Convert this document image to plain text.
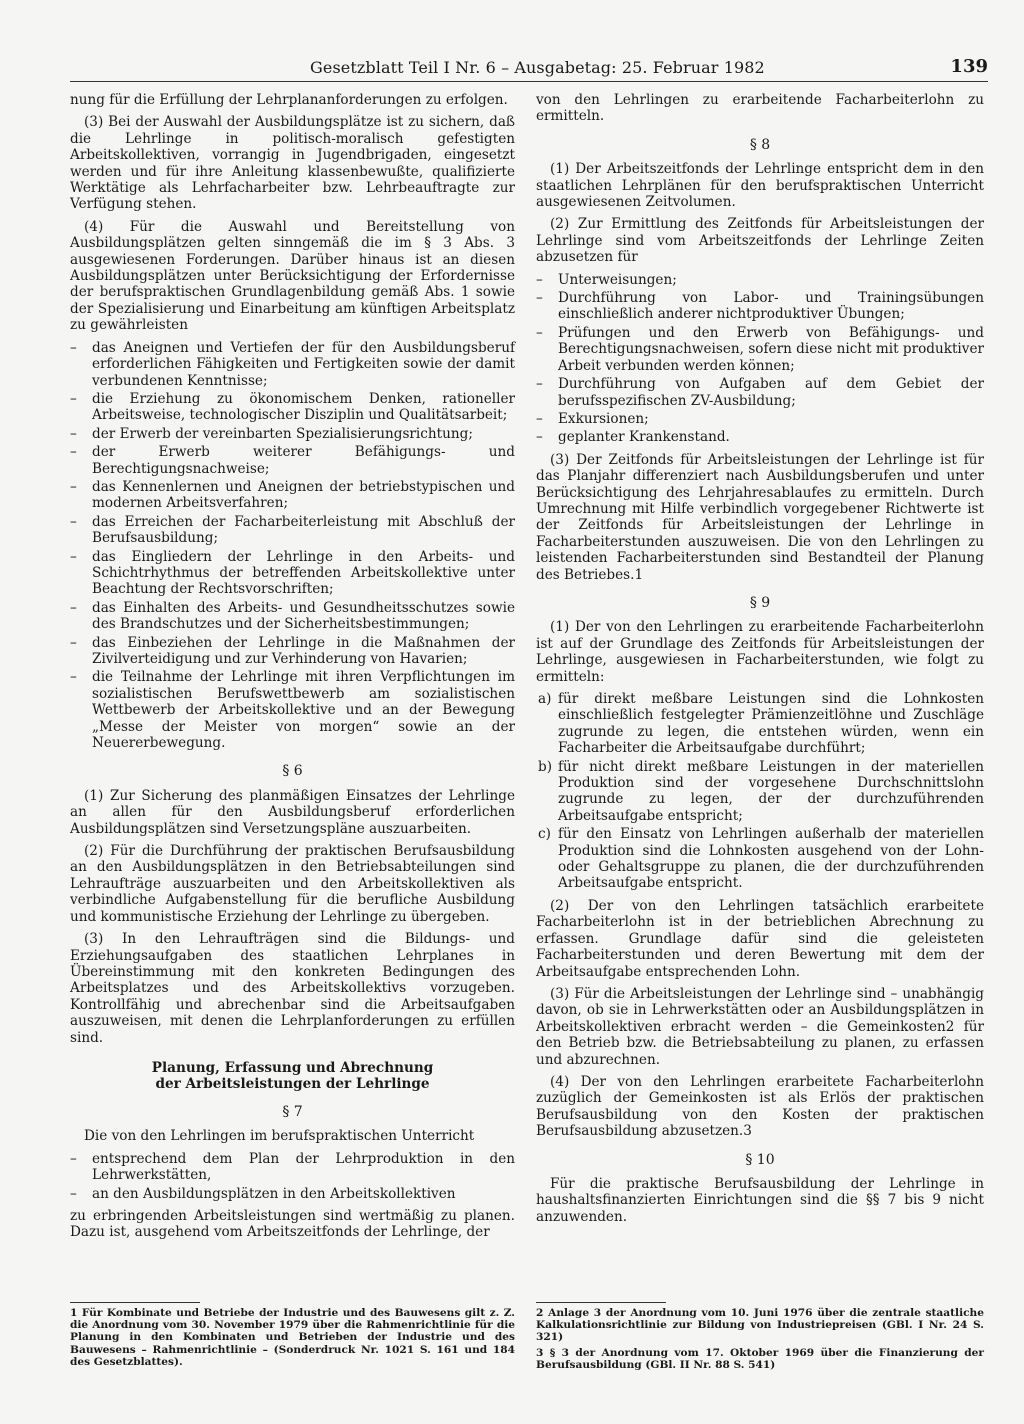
Gesetzblatt Teil I Nr. 6 – Ausgabetag: 25. Februar 1982	139

nung für die Erfüllung der Lehrplananforderungen zu erfolgen.

(3) Bei der Auswahl der Ausbildungsplätze ist zu sichern, daß die Lehrlinge in politisch-moralisch gefestigten Arbeitskollektiven, vorrangig in Jugendbrigaden, eingesetzt werden und für ihre Anleitung klassenbewußte, qualifizierte Werktätige als Lehrfacharbeiter bzw. Lehrbeauftragte zur Verfügung stehen.

(4) Für die Auswahl und Bereitstellung von Ausbildungsplätzen gelten sinngemäß die im § 3 Abs. 3 ausgewiesenen Forderungen. Darüber hinaus ist an diesen Ausbildungsplätzen unter Berücksichtigung der Erfordernisse der berufspraktischen Grundlagenbildung gemäß Abs. 1 sowie der Spezialisierung und Einarbeitung am künftigen Arbeitsplatz zu gewährleisten

– das Aneignen und Vertiefen der für den Ausbildungsberuf erforderlichen Fähigkeiten und Fertigkeiten sowie der damit verbundenen Kenntnisse;
– die Erziehung zu ökonomischem Denken, rationeller Arbeitsweise, technologischer Disziplin und Qualitätsarbeit;
– der Erwerb der vereinbarten Spezialisierungsrichtung;
– der Erwerb weiterer Befähigungs- und Berechtigungsnachweise;
– das Kennenlernen und Aneignen der betriebstypischen und modernen Arbeitsverfahren;
– das Erreichen der Facharbeiterleistung mit Abschluß der Berufsausbildung;
– das Eingliedern der Lehrlinge in den Arbeits- und Schichtrhythmus der betreffenden Arbeitskollektive unter Beachtung der Rechtsvorschriften;
– das Einhalten des Arbeits- und Gesundheitsschutzes sowie des Brandschutzes und der Sicherheitsbestimmungen;
– das Einbeziehen der Lehrlinge in die Maßnahmen der Zivilverteidigung und zur Verhinderung von Havarien;
– die Teilnahme der Lehrlinge mit ihren Verpflichtungen im sozialistischen Berufswettbewerb am sozialistischen Wettbewerb der Arbeitskollektive und an der Bewegung „Messe der Meister von morgen“ sowie an der Neuererbewegung.
§ 6

(1) Zur Sicherung des planmäßigen Einsatzes der Lehrlinge an allen für den Ausbildungsberuf erforderlichen Ausbildungsplätzen sind Versetzungspläne auszuarbeiten.

(2) Für die Durchführung der praktischen Berufsausbildung an den Ausbildungsplätzen in den Betriebsabteilungen sind Lehraufträge auszuarbeiten und den Arbeitskollektiven als verbindliche Aufgabenstellung für die berufliche Ausbildung und kommunistische Erziehung der Lehrlinge zu übergeben.

(3) In den Lehraufträgen sind die Bildungs- und Erziehungsaufgaben des staatlichen Lehrplanes in Übereinstimmung mit den konkreten Bedingungen des Arbeitsplatzes und des Arbeitskollektivs vorzugeben. Kontrollfähig und abrechenbar sind die Arbeitsaufgaben auszuweisen, mit denen die Lehrplanforderungen zu erfüllen sind.

Planung, Erfassung und Abrechnung
der Arbeitsleistungen der Lehrlinge
§ 7

Die von den Lehrlingen im berufspraktischen Unterricht

– entsprechend dem Plan der Lehrproduktion in den Lehrwerkstätten,
– an den Ausbildungsplätzen in den Arbeitskollektiven

zu erbringenden Arbeitsleistungen sind wertmäßig zu planen. Dazu ist, ausgehend vom Arbeitszeitfonds der Lehrlinge, der

1 Für Kombinate und Betriebe der Industrie und des Bauwesens gilt z. Z. die Anordnung vom 30. November 1979 über die Rahmenrichtlinie für die Planung in den Kombinaten und Betrieben der Industrie und des Bauwesens – Rahmenrichtlinie – (Sonderdruck Nr. 1021 S. 161 und 184 des Gesetzblattes).

von den Lehrlingen zu erarbeitende Facharbeiterlohn zu ermitteln.

§ 8

(1) Der Arbeitszeitfonds der Lehrlinge entspricht dem in den staatlichen Lehrplänen für den berufspraktischen Unterricht ausgewiesenen Zeitvolumen.

(2) Zur Ermittlung des Zeitfonds für Arbeitsleistungen der Lehrlinge sind vom Arbeitszeitfonds der Lehrlinge Zeiten abzusetzen für

– Unterweisungen;
– Durchführung von Labor- und Trainingsübungen einschließlich anderer nichtproduktiver Übungen;
– Prüfungen und den Erwerb von Befähigungs- und Berechtigungsnachweisen, sofern diese nicht mit produktiver Arbeit verbunden werden können;
– Durchführung von Aufgaben auf dem Gebiet der berufsspezifischen ZV-Ausbildung;
– Exkursionen;
– geplanter Krankenstand.

(3) Der Zeitfonds für Arbeitsleistungen der Lehrlinge ist für das Planjahr differenziert nach Ausbildungsberufen und unter Berücksichtigung des Lehrjahresablaufes zu ermitteln. Durch Umrechnung mit Hilfe verbindlich vorgegebener Richtwerte ist der Zeitfonds für Arbeitsleistungen der Lehrlinge in Facharbeiterstunden auszuweisen. Die von den Lehrlingen zu leistenden Facharbeiterstunden sind Bestandteil der Planung des Betriebes.1

§ 9

(1) Der von den Lehrlingen zu erarbeitende Facharbeiterlohn ist auf der Grundlage des Zeitfonds für Arbeitsleistungen der Lehrlinge, ausgewiesen in Facharbeiterstunden, wie folgt zu ermitteln:

a) für direkt meßbare Leistungen sind die Lohnkosten einschließlich festgelegter Prämienzeitlöhne und Zuschläge zugrunde zu legen, die entstehen würden, wenn ein Facharbeiter die Arbeitsaufgabe durchführt;
b) für nicht direkt meßbare Leistungen in der materiellen Produktion sind der vorgesehene Durchschnittslohn zugrunde zu legen, der der durchzuführenden Arbeitsaufgabe entspricht;
c) für den Einsatz von Lehrlingen außerhalb der materiellen Produktion sind die Lohnkosten ausgehend von der Lohn- oder Gehaltsgruppe zu planen, die der durchzuführenden Arbeitsaufgabe entspricht.

(2) Der von den Lehrlingen tatsächlich erarbeitete Facharbeiterlohn ist in der betrieblichen Abrechnung zu erfassen. Grundlage dafür sind die geleisteten Facharbeiterstunden und deren Bewertung mit dem der Arbeitsaufgabe entsprechenden Lohn.

(3) Für die Arbeitsleistungen der Lehrlinge sind – unabhängig davon, ob sie in Lehrwerkstätten oder an Ausbildungsplätzen in Arbeitskollektiven erbracht werden – die Gemeinkosten2 für den Betrieb bzw. die Betriebsabteilung zu planen, zu erfassen und abzurechnen.

(4) Der von den Lehrlingen erarbeitete Facharbeiterlohn zuzüglich der Gemeinkosten ist als Erlös der praktischen Berufsausbildung von den Kosten der praktischen Berufsausbildung abzusetzen.3

§ 10

Für die praktische Berufsausbildung der Lehrlinge in haushaltsfinanzierten Einrichtungen sind die §§ 7 bis 9 nicht anzuwenden.

2 Anlage 3 der Anordnung vom 10. Juni 1976 über die zentrale staatliche Kalkulationsrichtlinie zur Bildung von Industriepreisen (GBl. I Nr. 24 S. 321)
3 § 3 der Anordnung vom 17. Oktober 1969 über die Finanzierung der Berufsausbildung (GBl. II Nr. 88 S. 541)
